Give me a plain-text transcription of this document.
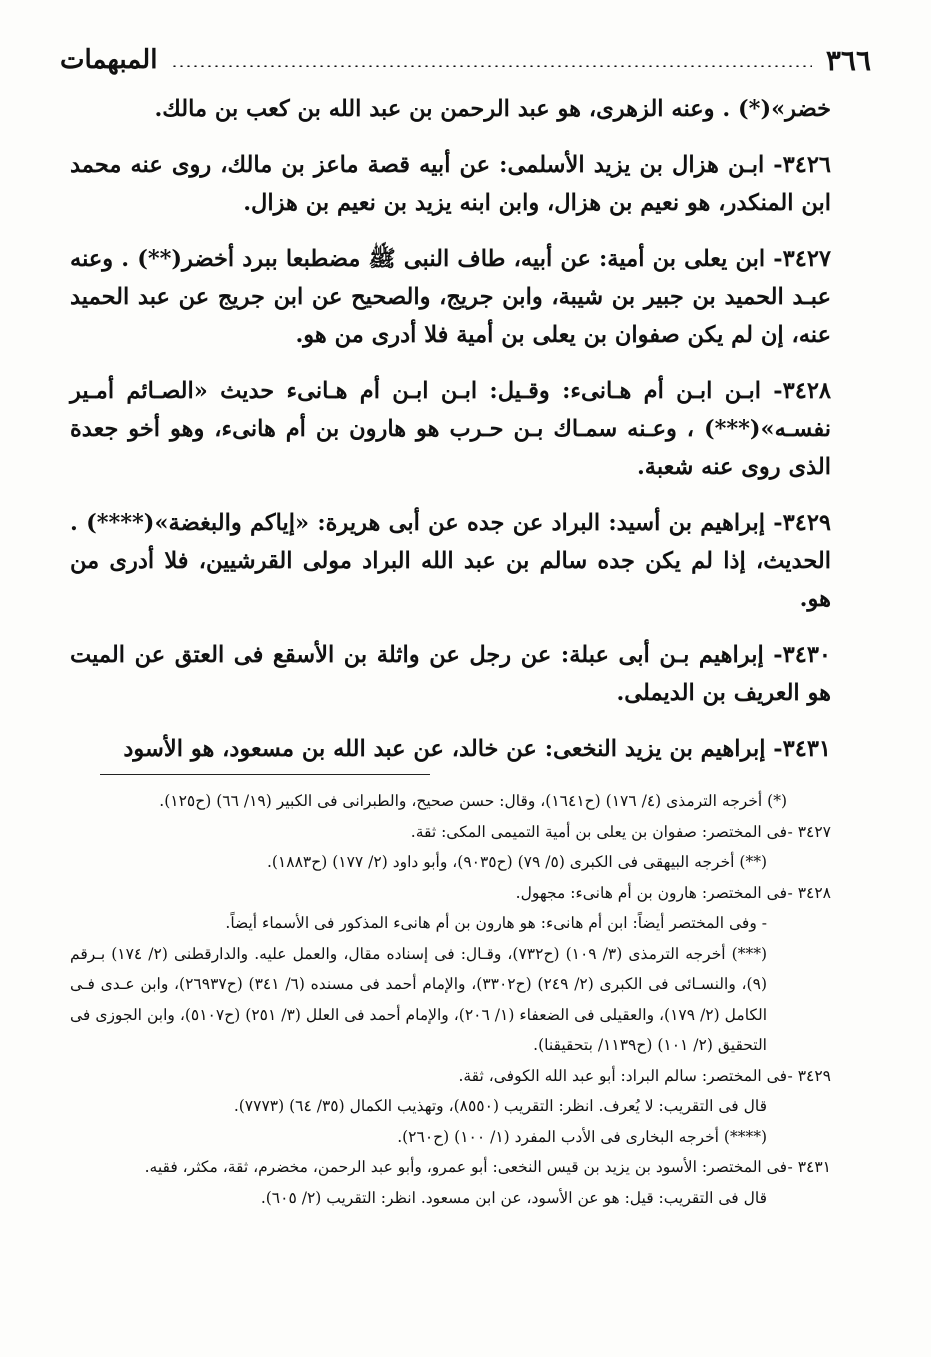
٣٦٦
المبهمات

خضر»(*) . وعنه الزهرى، هو عبد الرحمن بن عبد الله بن كعب بن مالك.

٣٤٢٦- ابـن هزال بن يزيد الأسلمى: عن أبيه قصة ماعز بن مالك، روى عنه محمد ابن المنكدر، هو نعيم بن هزال، وابن ابنه يزيد بن نعيم بن هزال.

٣٤٢٧- ابن يعلى بن أمية: عن أبيه، طاف النبى ﷺ مضطبعا ببرد أخضر(**) . وعنه عبـد الحميد بن جبير بن شيبة، وابن جريج، والصحيح عن ابن جريج عن عبد الحميد عنه، إن لم يكن صفوان بن يعلى بن أمية فلا أدرى من هو.

٣٤٢٨- ابـن ابـن أم هـانىء: وقـيل: ابـن ابـن أم هـانىء حديث «الصـائم أمـير نفسـه»(***) ، وعـنه سمـاك بـن حـرب هو هارون بن أم هانىء، وهو أخو جعدة الذى روى عنه شعبة.

٣٤٢٩- إبراهيم بن أسيد: البراد عن جده عن أبى هريرة: «إياكم والبغضة»(****) . الحديث، إذا لم يكن جده سالم بن عبد الله البراد مولى القرشيين، فلا أدرى من هو.

٣٤٣٠- إبراهيم بـن أبى عبلة: عن رجل عن واثلة بن الأسقع فى العتق عن الميت هو العريف بن الديملى.

٣٤٣١- إبراهيم بن يزيد النخعى: عن خالد، عن عبد الله بن مسعود، هو الأسود

(*) أخرجه الترمذى (٤/ ١٧٦) (ح١٦٤١)، وقال: حسن صحيح، والطبرانى فى الكبير (١٩/ ٦٦) (ح١٢٥).
٣٤٢٧ -
فى المختصر: صفوان بن يعلى بن أمية التميمى المكى: ثقة.
(**) أخرجه البيهقى فى الكبرى (٥/ ٧٩) (ح٩٠٣٥)، وأبو داود (٢/ ١٧٧) (ح١٨٨٣).
٣٤٢٨ -
فى المختصر: هارون بن أم هانىء: مجهول.
- وفى المختصر أيضاً: ابن أم هانىء: هو هارون بن أم هانىء المذكور فى الأسماء أيضاً.
(***) أخرجه الترمذى (٣/ ١٠٩) (ح٧٣٢)، وقـال: فى إسناده مقال، والعمل عليه. والدارقطنى (٢/ ١٧٤) بـرقم (٩)، والنسـائى فى الكبرى (٢/ ٢٤٩) (ح٣٣٠٢)، والإمام أحمد فى مسنده (٦/ ٣٤١) (ح٢٦٩٣٧)، وابن عـدى فـى الكامل (٢/ ١٧٩)، والعقيلى فى الضعفاء (١/ ٢٠٦)، والإمام أحمد فى العلل (٣/ ٢٥١) (ح٥١٠٧)، وابن الجوزى فى التحقيق (٢/ ١٠١) (ح١١٣٩/ بتحقيقنا).
٣٤٢٩ -
فى المختصر: سالم البراد: أبو عبد الله الكوفى، ثقة.
قال فى التقريب: لا يُعرف. انظر: التقريب (٨٥٥٠)، وتهذيب الكمال (٣٥/ ٦٤) (٧٧٧٣).
(****) أخرجه البخارى فى الأدب المفرد (١/ ١٠٠) (ح٢٦٠).
٣٤٣١ -
فى المختصر: الأسود بن يزيد بن قيس النخعى: أبو عمرو، وأبو عبد الرحمن، مخضرم، ثقة، مكثر، فقيه.
قال فى التقريب: قيل: هو عن الأسود، عن ابن مسعود. انظر: التقريب (٢/ ٦٠٥).
